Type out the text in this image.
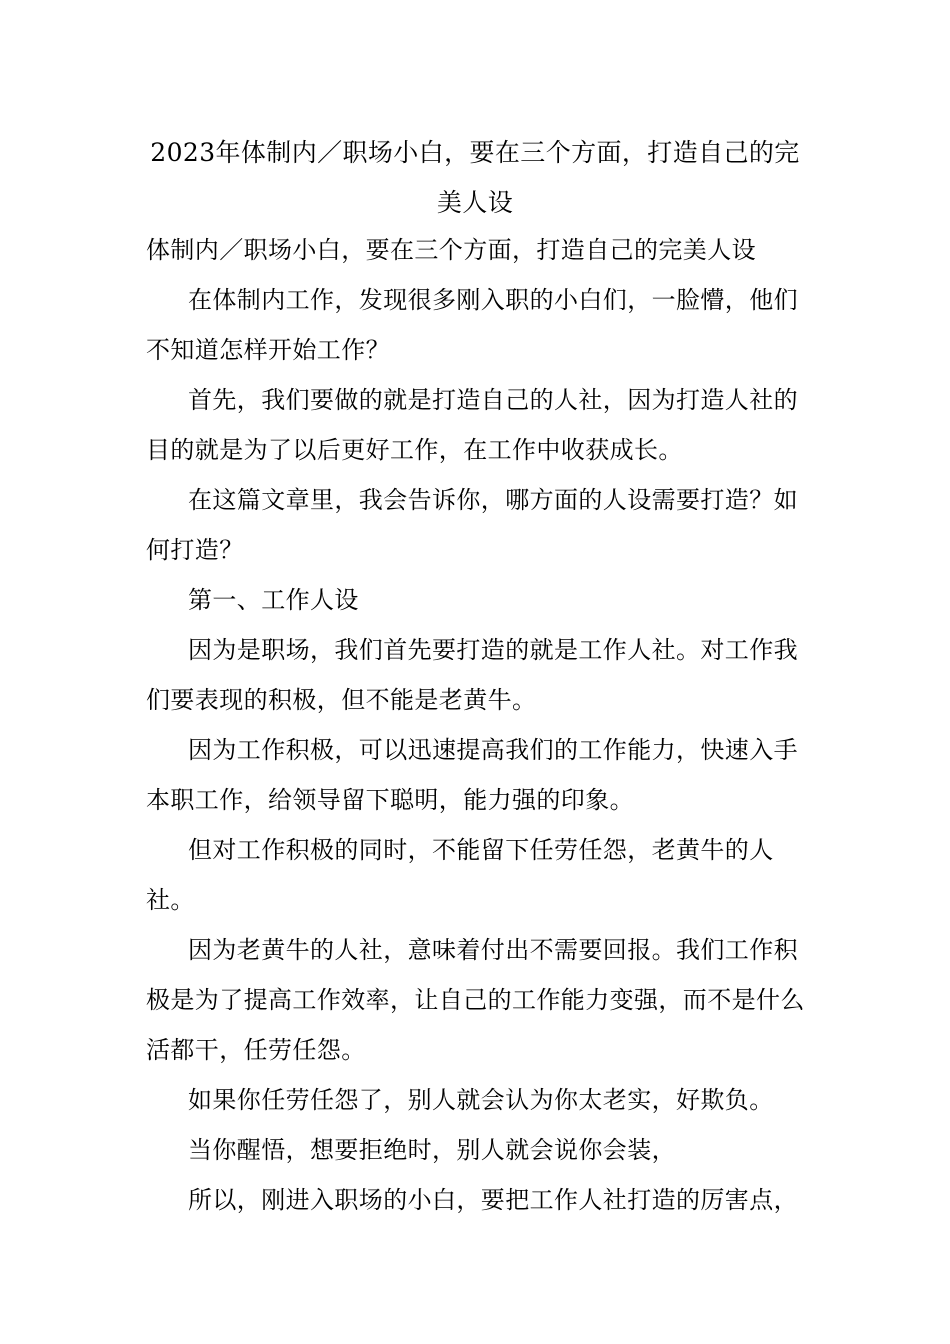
2023年体制内／职场小白，要在三个方面，打造自己的完美人设

体制内／职场小白，要在三个方面，打造自己的完美人设

在体制内工作，发现很多刚入职的小白们，一脸懵，他们不知道怎样开始工作？

首先，我们要做的就是打造自己的人社，因为打造人社的目的就是为了以后更好工作，在工作中收获成长。

在这篇文章里，我会告诉你，哪方面的人设需要打造？如何打造？

第一、工作人设

因为是职场，我们首先要打造的就是工作人社。对工作我们要表现的积极，但不能是老黄牛。

因为工作积极，可以迅速提高我们的工作能力，快速入手本职工作，给领导留下聪明，能力强的印象。

但对工作积极的同时，不能留下任劳任怨，老黄牛的人社。

因为老黄牛的人社，意味着付出不需要回报。我们工作积极是为了提高工作效率，让自己的工作能力变强，而不是什么活都干，任劳任怨。

如果你任劳任怨了，别人就会认为你太老实，好欺负。

当你醒悟，想要拒绝时，别人就会说你会装，

所以，刚进入职场的小白，要把工作人社打造的厉害点，
